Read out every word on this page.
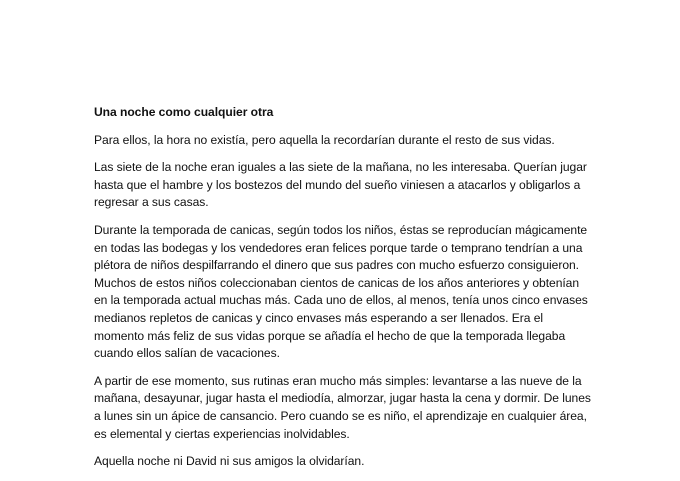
Una noche como cualquier otra

Para ellos, la hora no existía, pero aquella la recordarían durante el resto de sus vidas.

Las siete de la noche eran iguales a las siete de la mañana, no les interesaba. Querían jugar hasta que el hambre y los bostezos del mundo del sueño viniesen a atacarlos y obligarlos a regresar a sus casas.

Durante la temporada de canicas, según todos los niños, éstas se reproducían mágicamente en todas las bodegas y los vendedores eran felices porque tarde o temprano tendrían a una plétora de niños despilfarrando el dinero que sus padres con mucho esfuerzo consiguieron. Muchos de estos niños coleccionaban cientos de canicas de los años anteriores y obtenían en la temporada actual muchas más. Cada uno de ellos, al menos, tenía unos cinco envases medianos repletos de canicas y cinco envases más esperando a ser llenados. Era el momento más feliz de sus vidas porque se añadía el hecho de que la temporada llegaba cuando ellos salían de vacaciones.

A partir de ese momento, sus rutinas eran mucho más simples: levantarse a las nueve de la mañana, desayunar, jugar hasta el mediodía, almorzar, jugar hasta la cena y dormir. De lunes a lunes sin un ápice de cansancio. Pero cuando se es niño, el aprendizaje en cualquier área, es elemental y ciertas experiencias inolvidables.

Aquella noche ni David ni sus amigos la olvidarían.
